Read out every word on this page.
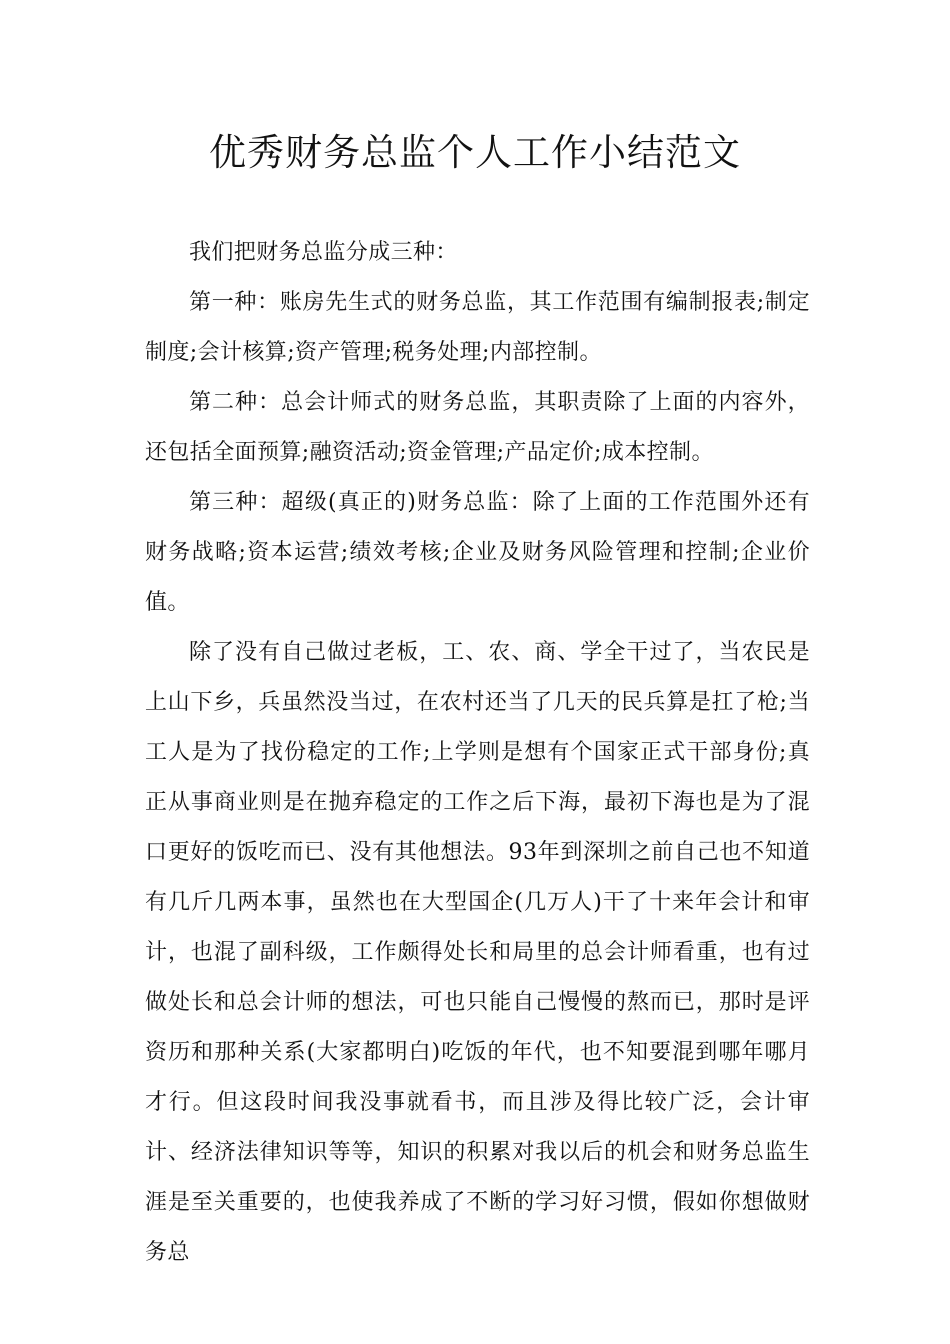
优秀财务总监个人工作小结范文

我们把财务总监分成三种：

第一种：账房先生式的财务总监，其工作范围有编制报表;制定制度;会计核算;资产管理;税务处理;内部控制。

第二种：总会计师式的财务总监，其职责除了上面的内容外，还包括全面预算;融资活动;资金管理;产品定价;成本控制。

第三种：超级(真正的)财务总监：除了上面的工作范围外还有财务战略;资本运营;绩效考核;企业及财务风险管理和控制;企业价值。

除了没有自己做过老板，工、农、商、学全干过了，当农民是上山下乡，兵虽然没当过，在农村还当了几天的民兵算是扛了枪;当工人是为了找份稳定的工作;上学则是想有个国家正式干部身份;真正从事商业则是在抛弃稳定的工作之后下海，最初下海也是为了混口更好的饭吃而已、没有其他想法。93年到深圳之前自己也不知道有几斤几两本事，虽然也在大型国企(几万人)干了十来年会计和审计，也混了副科级，工作颇得处长和局里的总会计师看重，也有过做处长和总会计师的想法，可也只能自己慢慢的熬而已，那时是评资历和那种关系(大家都明白)吃饭的年代，也不知要混到哪年哪月才行。但这段时间我没事就看书，而且涉及得比较广泛，会计审计、经济法律知识等等，知识的积累对我以后的机会和财务总监生涯是至关重要的，也使我养成了不断的学习好习惯，假如你想做财务总
